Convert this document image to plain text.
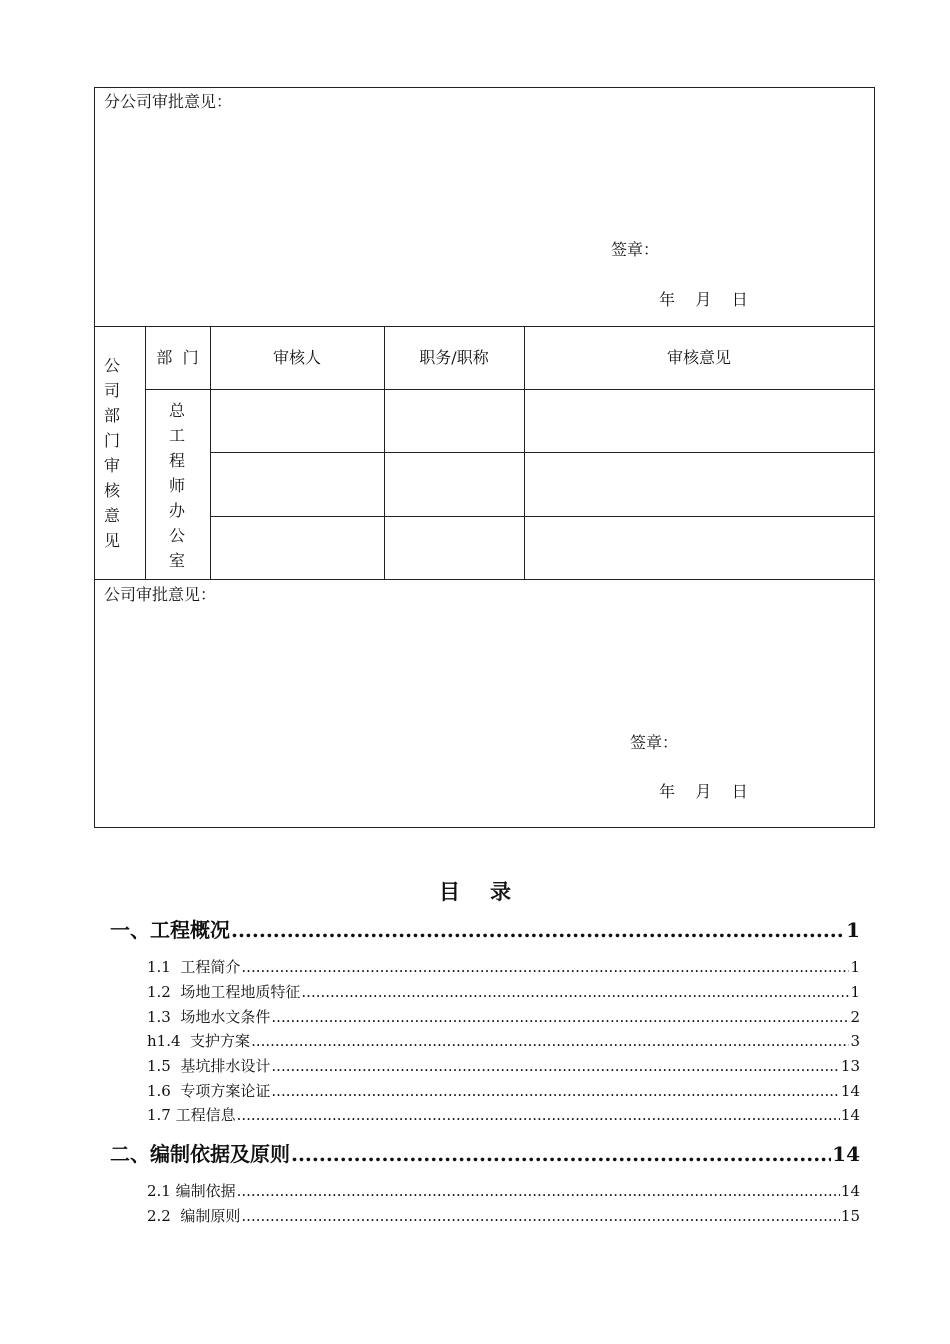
分公司审批意见：
签章：
年    月    日
公司部门审核意见
部  门	审核人	职务/职称	审核意见
总工程师办公室
公司审批意见：
签章：
年    月    日
目录
一、工程概况 .....	1
1.1  工程简介 .....	1
1.2  场地工程地质特征 .....	1
1.3  场地水文条件 .....	2
h1.4  支护方案 .....	3
1.5  基坑排水设计 .....	13
1.6  专项方案论证 .....	14
1.7 工程信息 .....	14
二、编制依据及原则 .....	14
2.1 编制依据 .....	14
2.2  编制原则 .....	15
